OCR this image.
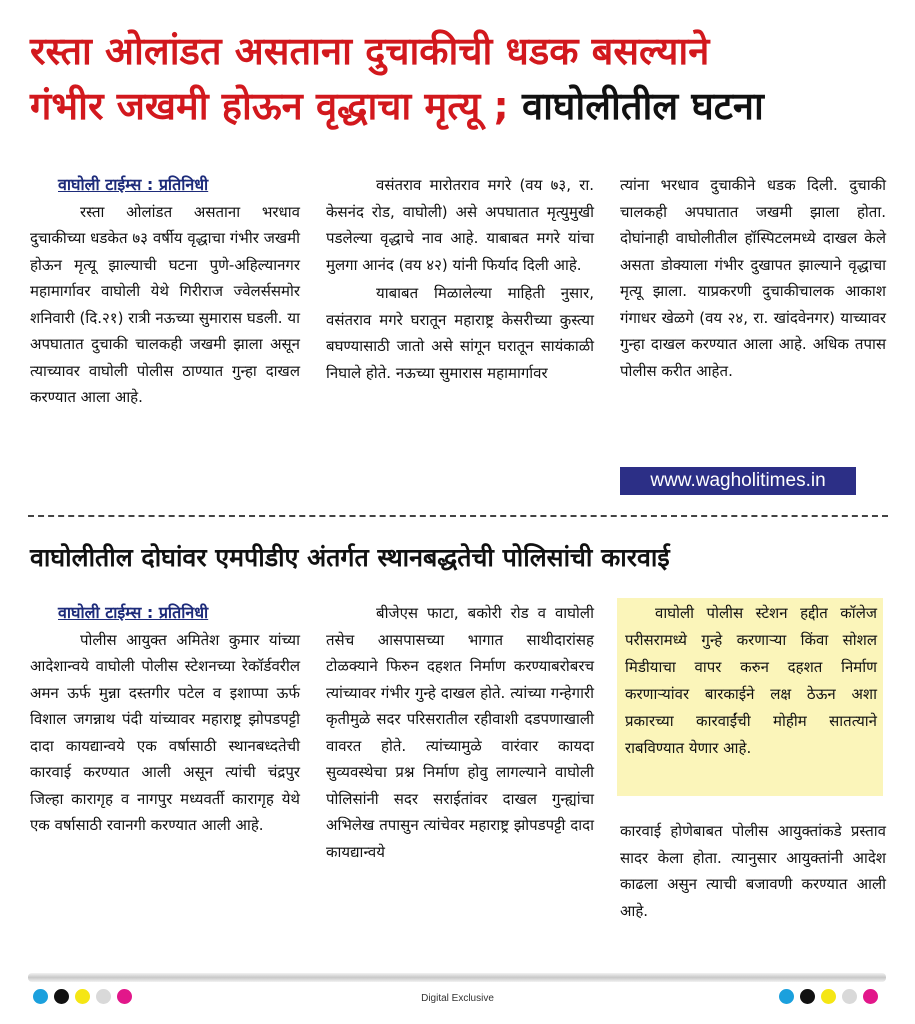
रस्ता ओलांडत असताना दुचाकीची धडक बसल्याने
गंभीर जखमी होऊन वृद्धाचा मृत्यू ; वाघोलीतील घटना
वाघोली टाईम्स : प्रतिनिधी

रस्ता ओलांडत असताना भरधाव दुचाकीच्या धडकेत ७३ वर्षीय वृद्धाचा गंभीर जखमी होऊन मृत्यू झाल्याची घटना पुणे-अहिल्यानगर महामार्गावर वाघोली येथे गिरीराज ज्वेलर्ससमोर शनिवारी (दि.२१) रात्री नऊच्या सुमारास घडली. या अपघातात दुचाकी चालकही जखमी झाला असून त्याच्यावर वाघोली पोलीस ठाण्यात गुन्हा दाखल करण्यात आला आहे.

वसंतराव मारोतराव मगरे (वय ७३, रा. केसनंद रोड, वाघोली) असे अपघातात मृत्युमुखी पडलेल्या वृद्धाचे नाव आहे. याबाबत मगरे यांचा मुलगा आनंद (वय ४२) यांनी फिर्याद दिली आहे.

याबाबत मिळालेल्या माहिती नुसार, वसंतराव मगरे घरातून महाराष्ट्र केसरीच्या कुस्त्या बघण्यासाठी जातो असे सांगून घरातून सायंकाळी निघाले होते. नऊच्या सुमारास महामार्गावर

त्यांना भरधाव दुचाकीने धडक दिली. दुचाकी चालकही अपघातात जखमी झाला होता. दोघांनाही वाघोलीतील हॉस्पिटलमध्ये दाखल केले असता डोक्याला गंभीर दुखापत झाल्याने वृद्धाचा मृत्यू झाला. याप्रकरणी दुचाकीचालक आकाश गंगाधर खेळगे (वय २४, रा. खांदवेनगर) याच्यावर गुन्हा दाखल करण्यात आला आहे. अधिक तपास पोलीस करीत आहेत.

www.wagholitimes.in
वाघोलीतील दोघांवर एमपीडीए अंतर्गत स्थानबद्धतेची पोलिसांची कारवाई
वाघोली टाईम्स : प्रतिनिधी

पोलीस आयुक्त अमितेश कुमार यांच्या आदेशान्वये वाघोली पोलीस स्टेशनच्या रेकॉर्डवरील अमन ऊर्फ मुन्ना दस्तगीर पटेल व इशाप्पा ऊर्फ विशाल जगन्नाथ पंदी यांच्यावर महाराष्ट्र झोपडपट्टी दादा कायद्यान्वये एक वर्षासाठी स्थानबध्दतेची कारवाई करण्यात आली असून त्यांची चंद्रपुर जिल्हा कारागृह व नागपुर मध्यवर्ती कारागृह येथे एक वर्षासाठी रवानगी करण्यात आली आहे.

बीजेएस फाटा, बकोरी रोड व वाघोली तसेच आसपासच्या भागात साथीदारांसह टोळक्याने फिरुन दहशत निर्माण करण्याबरोबरच त्यांच्यावर गंभीर गुन्हे दाखल होते. त्यांच्या गन्हेगारी कृतीमुळे सदर परिसरातील रहीवाशी दडपणाखाली वावरत होते. त्यांच्यामुळे वारंवार कायदा सुव्यवस्थेचा प्रश्न निर्माण होवु लागल्याने वाघोली पोलिसांनी सदर सराईतांवर दाखल गुन्ह्यांचा अभिलेख तपासुन त्यांचेवर महाराष्ट्र झोपडपट्टी दादा कायद्यान्वये

वाघोली पोलीस स्टेशन हद्दीत कॉलेज परीसरामध्ये गुन्हे करणाऱ्या किंवा सोशल मिडीयाचा वापर करुन दहशत निर्माण करणाऱ्यांवर बारकाईने लक्ष ठेऊन अशा प्रकारच्या कारवाईंची मोहीम सातत्याने राबविण्यात येणार आहे.

कारवाई होणेबाबत पोलीस आयुक्तांकडे प्रस्ताव सादर केला होता. त्यानुसार आयुक्तांनी आदेश काढला असुन त्याची बजावणी करण्यात आली आहे.

Digital Exclusive
